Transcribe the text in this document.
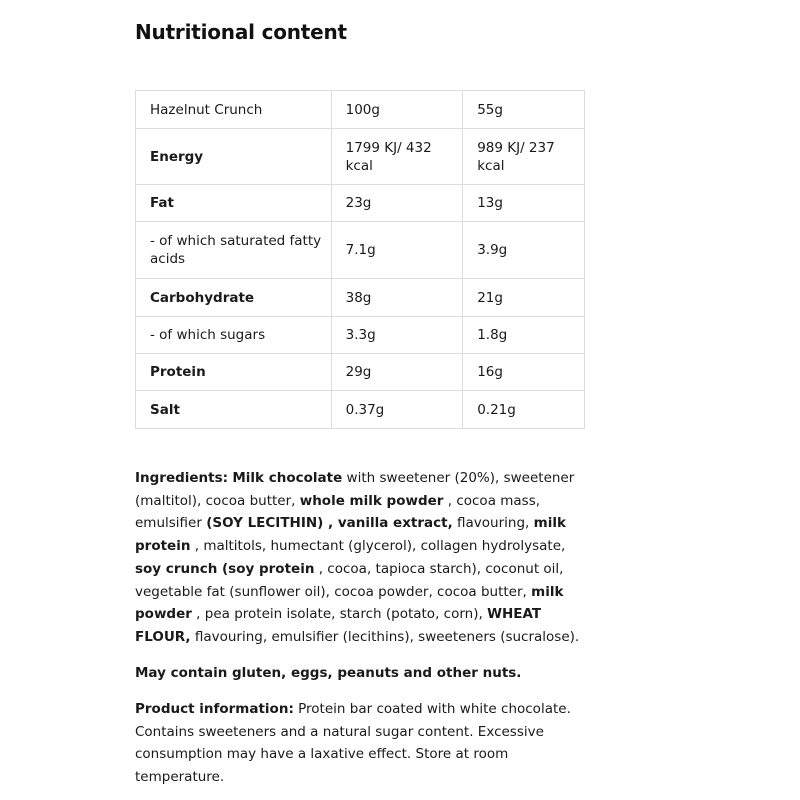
Nutritional content
Hazelnut Crunch	100g	55g
Energy	1799 KJ/ 432 kcal	989 KJ/ 237 kcal
Fat	23g	13g
- of which saturated fatty acids	7.1g	3.9g
Carbohydrate	38g	21g
- of which sugars	3.3g	1.8g
Protein	29g	16g
Salt	0.37g	0.21g

Ingredients: Milk chocolate with sweetener (20%), sweetener (maltitol), cocoa butter, whole milk powder , cocoa mass, emulsifier (SOY LECITHIN) , vanilla extract, flavouring, milk protein , maltitols, humectant (glycerol), collagen hydrolysate, soy crunch (soy protein , cocoa, tapioca starch), coconut oil, vegetable fat (sunflower oil), cocoa powder, cocoa butter, milk powder , pea protein isolate, starch (potato, corn), WHEAT FLOUR, flavouring, emulsifier (lecithins), sweeteners (sucralose).

May contain gluten, eggs, peanuts and other nuts.

Product information: Protein bar coated with white chocolate. Contains sweeteners and a natural sugar content. Excessive consumption may have a laxative effect. Store at room temperature.
